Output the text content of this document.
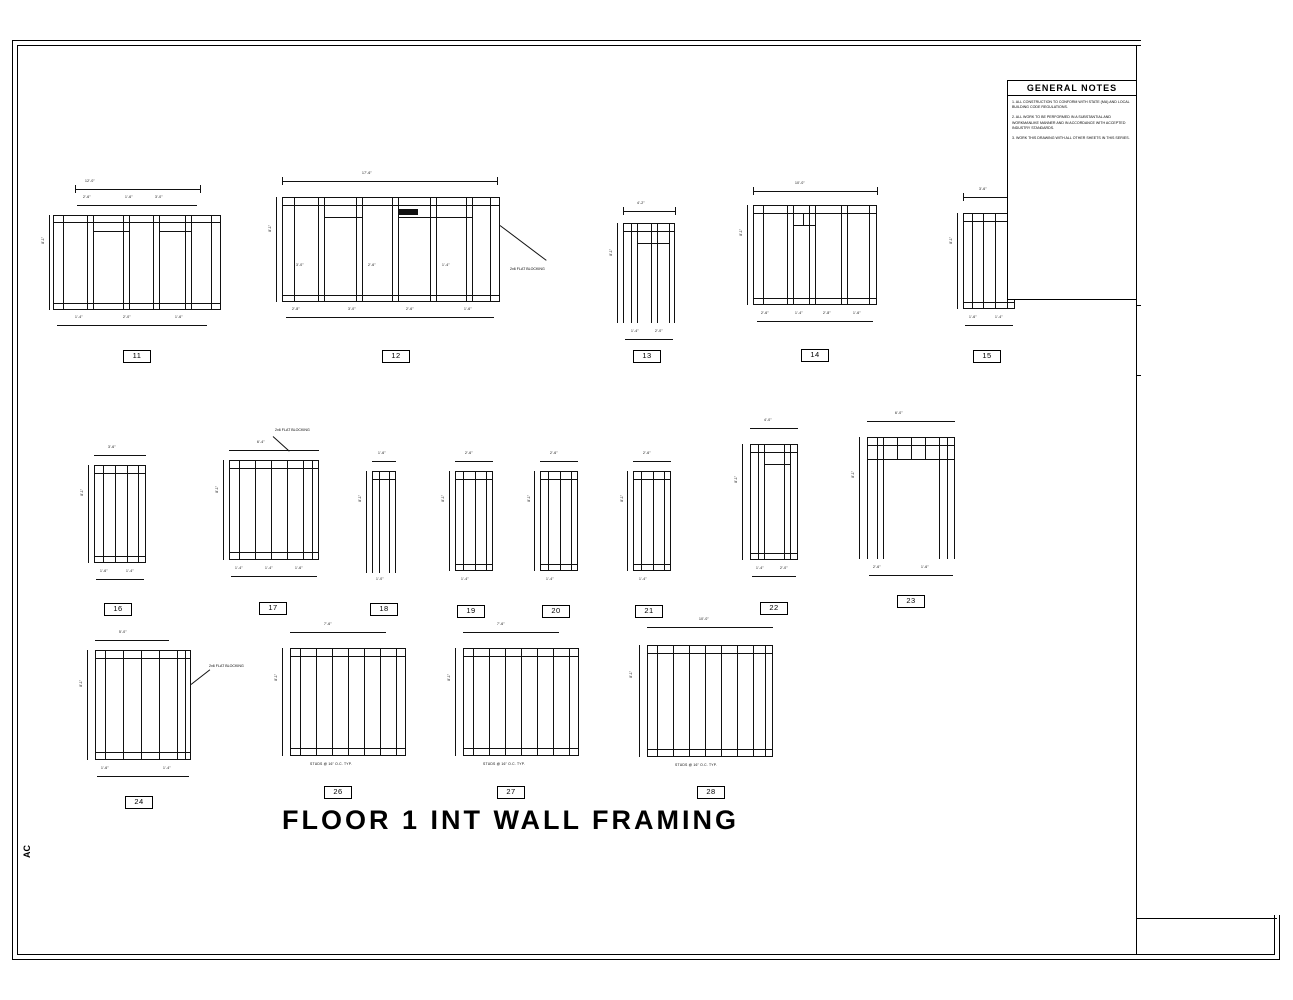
AC
12'-0"
2'-6"	1'-6"	3'-0"
8'-1"
1'-4"	2'-0"	1'-6"
11
17'-6"
8'-1"
3'-0"	2'-6"	1'-4"
2'-8"	3'-0"	2'-6"	1'-6"
2x6 FLAT BLOCKING
12
4'-2"
8'-1"
1'-4"	2'-0"
13
10'-0"
8'-1"
2'-6"	1'-4"	2'-8"	1'-6"
14
3'-6"
8'-1"
1'-6"	1'-4"
15
3'-6"
8'-1"
1'-6"	1'-4"
16
6'-4"
8'-1"
1'-4"	1'-4"	1'-6"
2x6 FLAT BLOCKING
17
1'-6"
8'-1"
1'-0"
18
2'-6"
8'-1"
1'-4"
19
2'-6"
8'-1"
1'-4"
20
2'-6"
8'-1"
1'-4"
21
4'-0"
8'-1"
1'-4"	2'-0"
22
6'-0"
8'-1"
2'-6"	1'-6"
23
5'-0"
8'-1"
1'-6"	1'-4"
2x6 FLAT BLOCKING
24
7'-6"
8'-1"
STUDS @ 16" O.C. TYP.
26
7'-6"
8'-1"
STUDS @ 16" O.C. TYP.
27
10'-0"
8'-1"
STUDS @ 16" O.C. TYP.
28
FLOOR 1 INT WALL FRAMING
GENERAL NOTES

1. ALL CONSTRUCTION TO CONFORM WITH STATE (MA) AND LOCAL BUILDING CODE REGULATIONS.

2. ALL WORK TO BE PERFORMED IN A SUBSTANTIAL AND WORKMANLIKE MANNER AND IN ACCORDANCE WITH ACCEPTED INDUSTRY STANDARDS.

3. WORK THIS DRAWING WITH ALL OTHER SHEETS IN THIS SERIES.
